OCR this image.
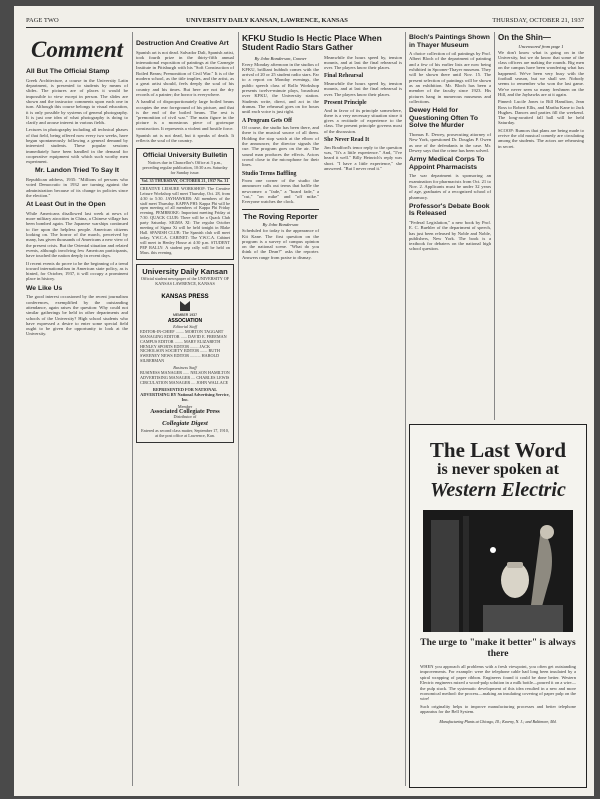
PAGE TWO	UNIVERSITY DAILY KANSAN, LAWRENCE, KANSAS	THURSDAY, OCTOBER 21, 1937
Comment
All But The Official Stamp
Greek Architecture, a course in the University Latin department, is presented to students by means of slides. The pictures are of places it would be impossible to view except in person. The slides are shown and the instructor comments upon each one in turn. Although this course belongs to visual education, it is only possible by systems of general photography. It is just one idea of what photography is doing to clarify and arouse interest in various fields.
Lectures in photography including all technical phases of that field, being offered now every two weeks, have begun spontaneously following a general demand by interested students. These popular sessions immediately have been handled in the demand for cooperative equipment with which such worthy men experiment.
Mr. Landon Tried To Say It
Republican address, 1935: "Millions of persons who voted Democratic in 1932 are turning against the administration because of its change in policies since the election."
At Least Out in the Open
While Americans disallowed last week at news of more military atrocities in China, a Chinese village has been bombed again. The Japanese warships continued to fire upon the helpless people. American citizens looking on. The horror of the march, perceived by many, has given thousands of Americans a new view of the present crisis. But the Oriental situation and related events, although involving few American participants, have touched the nation deeply in recent days.
If recent events do prove to be the beginning of a trend toward internationalism in American state policy, as is hinted, for October, 1937, it will occupy a prominent place in history.
We Like Us
The good interest occasioned by the recent journalism conferences, exemplified by the outstanding attendance, again raises the question: Why could not similar gatherings be held in other departments and schools of the University? High school students who have expressed a desire to enter some special field ought to be given the opportunity to look at the University.
Destruction And Creative Art
Spanish art is not dead. Salvador Dali, Spanish artist, took fourth prize in the thirty-fifth annual international exposition of paintings at the Carnegie Institute in Pittsburgh with his "Soft Construction of Boiled Beans; Premonition of Civil War." It is of the modern school, as the title implies, and the artist, as a great artist should, feels deeply the soul of his country and his times. But here are not the dry records of a painter; the horror is everywhere.
A handful of disproportionately large boiled beans occupies the rear foreground of his picture, and that is the end of the boiled beans. The rest is "premonition of civil war." The main figure in the picture is a monstrous piece of grotesque construction. It represents a violent and hostile force.
Spanish art is not dead, but it speaks of death. It reflects the soul of the country.
Official University Bulletin
Notices due in Chancellor's Office at 3 p.m., preceding regular publication, 10:30 a.m. Saturday for Sunday issue.
Vol. 35 THURSDAY, OCTOBER 21, 1937 No. 31
CREATIVE LEISURE WORKSHOP: The Creative Leisure Workshop will meet Thursday, Oct. 28, from 4:30 to 5:30. JAYHAWKER: All members of the staff meet Thursday. KAPPA PHI: Kappa Phi will be open meeting of all members of Kappa Phi Friday evening. PEMBROKE: Important meeting Friday at 7:30. QUACK CLUB: There will be a Quack Club party Saturday. SIGMA XI: The regular October meeting of Sigma Xi will be held tonight in Blake Hall. SPANISH CLUB: The Spanish club will meet today. Y.W.C.A. CABINET: The Y.W.C.A. Cabinet will meet in Henley House at 4:30 p.m. STUDENT PEP RALLY: A student pep rally will be held on Mass. this evening.
University Daily Kansan
Official student newspaper of the UNIVERSITY OF KANSAS LAWRENCE, KANSAS
KANSAS PRESS
MEMBER 1937
ASSOCIATION
Editorial Staff
EDITOR-IN-CHIEF ........ MORTON TAGGART MANAGING EDITOR ...... DAVID E. FREEMAN CAMPUS EDITOR ........ MARY ELIZABETH HENLEY SPORTS EDITOR ........ JACK NICHOLSON SOCIETY EDITOR ....... RUTH SWEENEY NEWS EDITOR .......... HAROLD SILBERMAN
Business Staff
BUSINESS MANAGER ...... NELSON HAMILTON ADVERTISING MANAGER .... CHARLES LEWIS CIRCULATION MANAGER .... JOHN WALLACE
REPRESENTED FOR NATIONAL ADVERTISING BY National Advertising Service, Inc.
Member
Associated Collegiate Press
Distributor of
Collegiate Digest
Entered as second class matter, September 17, 1910, at the post office at Lawrence, Kan.
KFKU Studio Is Hectic Place When Student Radio Stars Gather
By John Bonderson, Conner
Every Monday afternoon in the studios of KFKU, brilliant hubbub comes with the arrival of 20 or 25 student radio stars. Far to a report on Monday evenings, the public speech class of Rollo Workshop presents twelve-minute plays, broadcast over KFKU, the University station. Students write, direct, and act in the dramas. The rehearsal goes on for hours until each voice is just right.
A Program Gets Off
Of course, the studio has been there, and there is the musical source of all them. Holding the stop watch at the elbow of the announcer, the director signals the cue. The program goes on the air. The sound man produces the effects. Actors crowd close to the microphone for their lines.
Studio Terms Baffling
From one corner of the studio the announcer calls out terms that baffle the newcomer: a "fade," a "board fade," a "cut," "on mike" and "off mike." Everyone watches the clock.
The Roving Reporter
By John Bonderson
Scheduled for today is the appearance of Kit Kane. The first question on the program is a survey of campus opinion on the national scene. "What do you think of the Dean?" asks the reporter. Answers range from praise to dismay.
Meanwhile the hours speed by, tension mounts, and at last the final rehearsal is over. The players know their places.
Final Rehearsal
Meanwhile the hours speed by, tension mounts, and at last the final rehearsal is over. The players know their places.
Present Principle
And in favor of its principle somewhere, there is a very necessary situation since it gives a rectitude of experience to the class. The present principle governs most of the discussion.
She Never Read It
Jim Bradford's tenor reply to the question was, "It's a little experience." And, "I've heard it well." Billy Heinrich's reply was short. "I have a little experience," she answered. "But I never read it."
Bloch's Paintings Shown in Thayer Museum
A choice collection of oil paintings by Prof. Albert Bloch of the department of painting and a few of his earlier lists are now being exhibited in Spooner-Thayer museum. They will be shown there until Nov. 15. The present selection of paintings will be shown as an exhibition. Mr. Bloch has been a member of the faculty since 1923. His pictures hang in numerous museums and collections.
Dewey Held for Questioning Often To Solve the Murder
Thomas E. Dewey, prosecuting attorney of New York, questioned Dr. Douglas P. Owen as one of the defendants in the case. Mr. Dewey says that the crime has been solved.
Army Medical Corps To Appoint Pharmacists
The war department is sponsoring an examination for pharmacists from Oct. 21 to Nov. 2. Applicants must be under 32 years of age, graduates of a recognized school of pharmacy.
Professor's Debate Book Is Released
"Federal Legislation," a new book by Prof. E. C. Buehler of the department of speech, has just been released by Noble and Noble, publishers, New York. The book is a textbook for debaters on the national high school question.
On the Shin—
Uncensored from page 1
We don't know what is going on in the University, but we do know that some of the class officers are making the rounds. Big men on the campus have been wondering what has happened. We've been very busy with the football season, but we shall see. Nobody seems to remember who won the last game. We've never seen so many freshmen on the Hill, and the Jayhawks are at it again.
Pinned: Lucile Jones to Bill Hamilton, Jean Ross to Robert Ellis, and Martha Kane to Jack Hughes. Dances and parties fill the weekend. The long-awaited fall ball will be held Saturday.
SCOOP: Rumors that plans are being made to revive the old musical comedy are circulating among the students. The actors are rehearsing in secret.
The Last Word
is never spoken at
Western Electric
The urge to "make it better" is always there
WHEN you approach all problems with a fresh viewpoint, you often get outstanding improvements. For example: were the telephone cable had long been insulated by a spiral wrapping of paper ribbon. Engineers found it could be done better. Western Electric engineers mixed a wood-pulp solution in a milk bottle—poured it on a wire—the pulp stuck. The systematic development of this idea resulted in a new and more economical method: the process—making an insulating covering of paper pulp on the wire!
Such originality helps to improve manufacturing processes and better telephone apparatus for the Bell System.
Manufacturing Plants at Chicago, Ill.; Kearny, N. J.; and Baltimore, Md.
